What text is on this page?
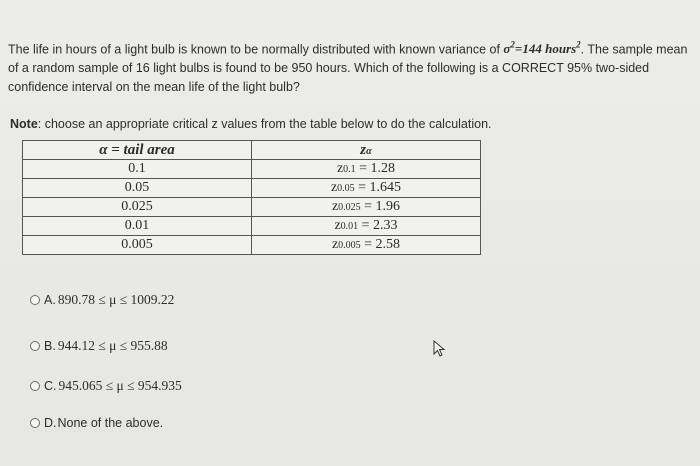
The life in hours of a light bulb is known to be normally distributed with known variance of $\sigma^2=144$ hours$^2$. The sample mean of a random sample of 16 light bulbs is found to be 950 hours. Which of the following is a CORRECT 95% two-sided confidence interval on the mean life of the light bulb?
Note: choose an appropriate critical z values from the table below to do the calculation.
α = tail area	zα
0.1	z0.1 = 1.28
0.05	z0.05 = 1.645
0.025	z0.025 = 1.96
0.01	z0.01 = 2.33
0.005	z0.005 = 2.58
A. 890.78 ≤ μ ≤ 1009.22
B. 944.12 ≤ μ ≤ 955.88
C. 945.065 ≤ μ ≤ 954.935
D. None of the above.
